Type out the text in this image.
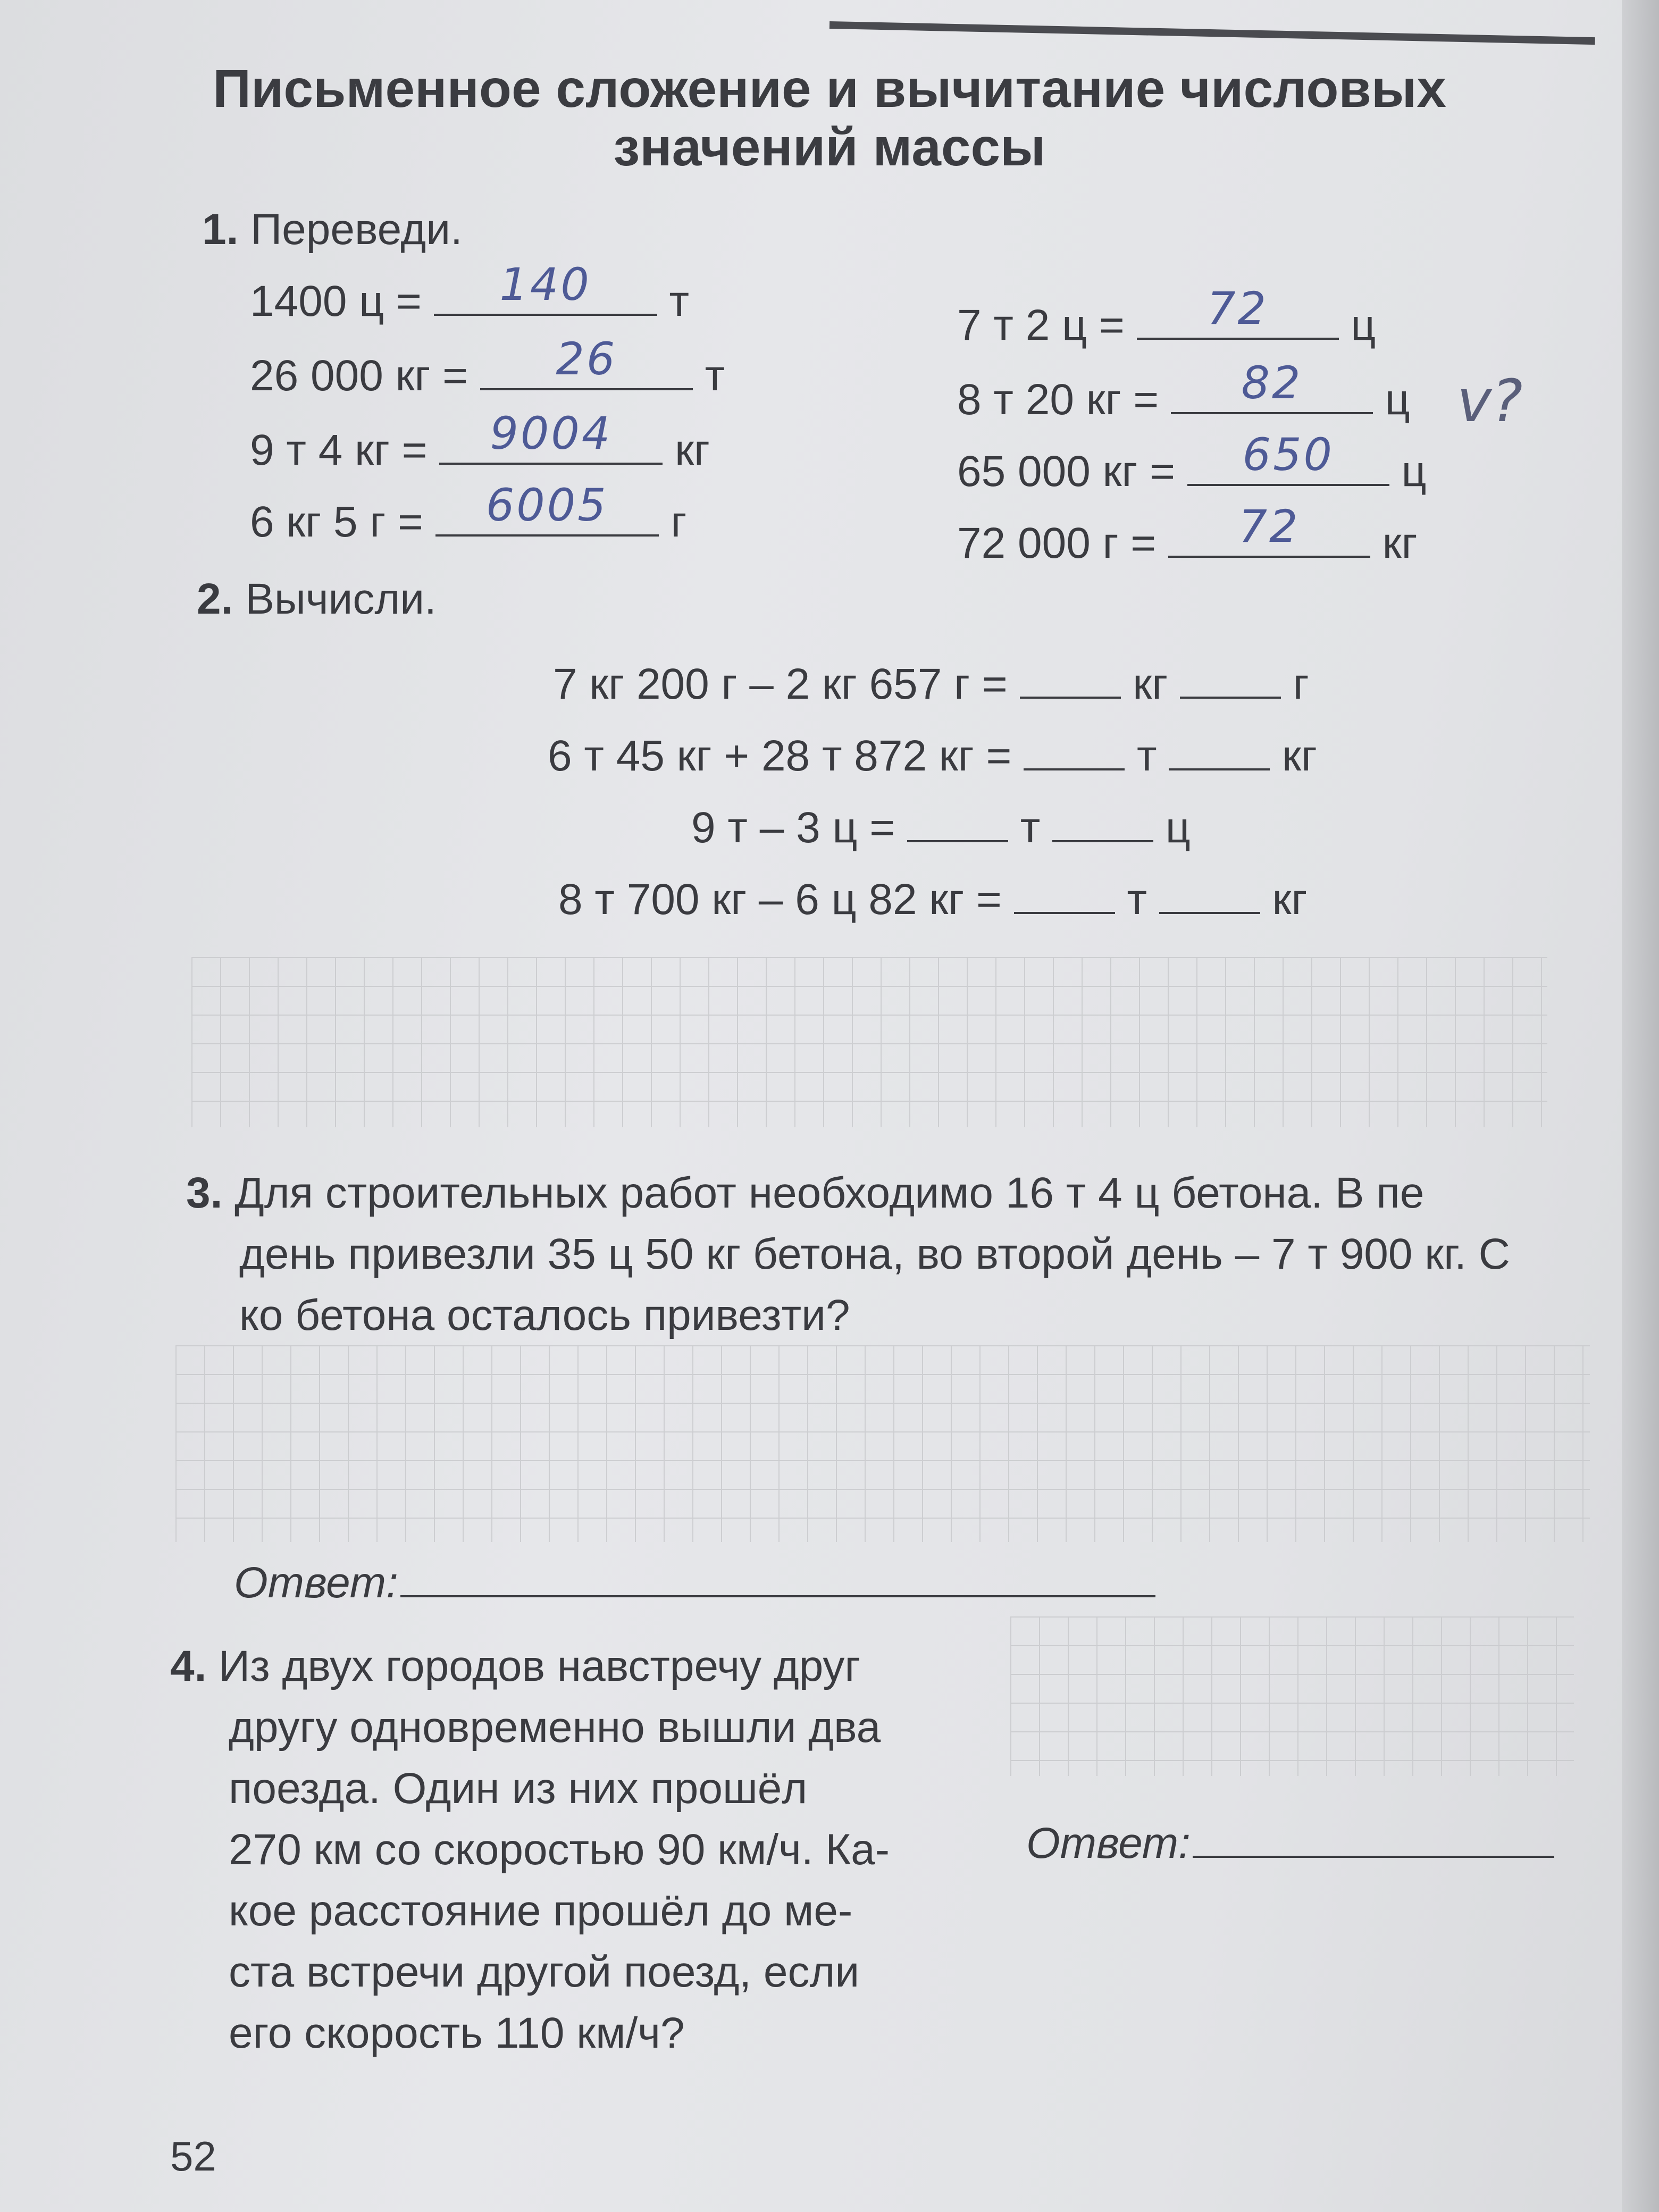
Письменное сложение и вычитание числовых
значений массы
1. Переведи.
1400 ц =	140	т
26 000 кг =	26	т
9 т 4 кг =	9004	кг
6 кг 5 г =	6005	г
7 т 2 ц =	72	ц
8 т 20 кг =	82	ц
65 000 кг =	650	ц
72 000 г =	72	кг
v?
2. Вычисли.
7 кг 200 г – 2 кг 657 г =	кг	г
6 т 45 кг + 28 т 872 кг =	т	кг
9 т – 3 ц =	т	ц
8 т 700 кг – 6 ц 82 кг =	т	кг
3. Для строительных работ необходимо 16 т 4 ц бетона. В пе
день привезли 35 ц 50 кг бетона, во второй день – 7 т 900 кг. С
ко бетона осталось привезти?
Ответ:
4. Из двух городов навстречу друг
другу одновременно вышли два
поезда. Один из них прошёл
270 км со скоростью 90 км/ч. Ка-
кое расстояние прошёл до ме-
ста встречи другой поезд, если
его скорость 110 км/ч?
Ответ:
52
